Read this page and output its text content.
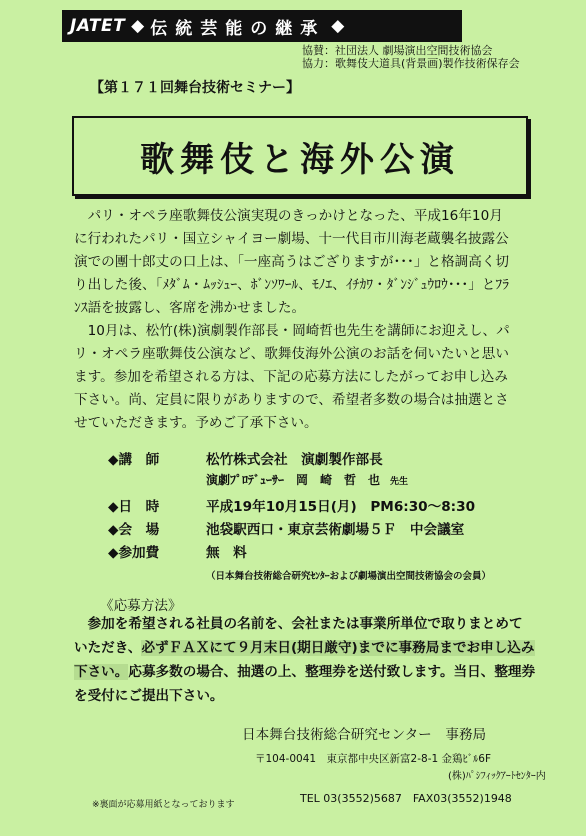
JATET ◆ 伝統芸能の継承 ◆
協賛：社団法人 劇場演出空間技術協会
協力：歌舞伎大道具(背景画)製作技術保存会
【第１７１回舞台技術セミナー】
歌舞伎と海外公演

パリ・オペラ座歌舞伎公演実現のきっかけとなった、平成16年10月に行われたパリ・国立シャイヨー劇場、十一代目市川海老蔵襲名披露公演での團十郎丈の口上は、「一座高うはござりますが･･･」と格調高く切り出した後、「ﾒﾀﾞﾑ・ﾑｯｼｭｰ、ﾎﾞﾝｿﾜｰﾙ、ﾓﾉｴ、ｲﾁｶﾜ・ﾀﾞﾝｼﾞｭｳﾛｳ･･･」とﾌﾗﾝｽ語を披露し、客席を沸かせました。

10月は、松竹(株)演劇製作部長・岡崎哲也先生を講師にお迎えし、パリ・オペラ座歌舞伎公演など、歌舞伎海外公演のお話を伺いたいと思います。参加を希望される方は、下記の応募方法にしたがってお申し込み下さい。尚、定員に限りがありますので、希望者多数の場合は抽選とさせていただきます。予めご了承下さい。

◆講　師	松竹株式会社　演劇製作部長
演劇ﾌﾟﾛﾃﾞｭｰｻｰ　岡　崎　哲　也 先生
◆日　時	平成19年10月15日(月)　PM6:30～8:30
◆会　場	池袋駅西口・東京芸術劇場５Ｆ　中会議室
◆参加費	無　料
（日本舞台技術総合研究ｾﾝﾀｰおよび劇場演出空間技術協会の会員）
《応募方法》

参加を希望される社員の名前を、会社または事業所単位で取りまとめていただき、必ずＦＡＸにて９月末日(期日厳守)までに事務局までお申し込み下さい。応募多数の場合、抽選の上、整理券を送付致します。当日、整理券を受付にご提出下さい。

日本舞台技術総合研究センター　事務局
〒104-0041　東京都中央区新富2-8-1 金鶏ﾋﾞﾙ6F
(株)ﾊﾟｼﾌｨｯｸｱｰﾄｾﾝﾀｰ内
TEL 03(3552)5687　FAX03(3552)1948
※裏面が応募用紙となっております
